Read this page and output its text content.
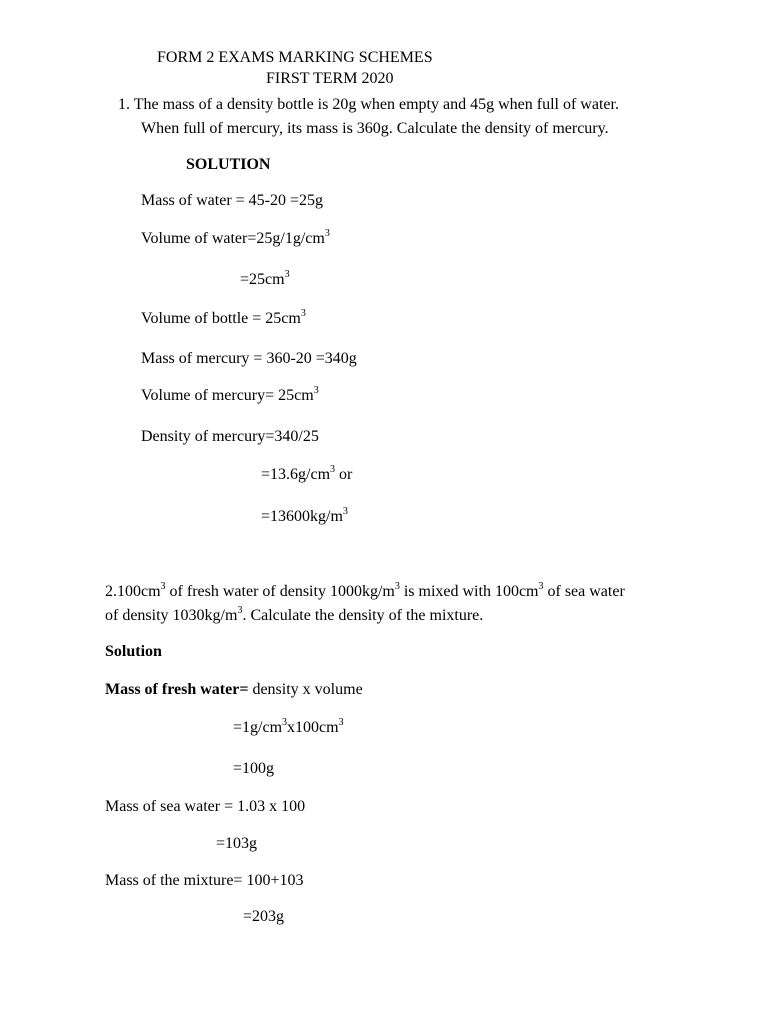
FORM 2 EXAMS MARKING SCHEMES
FIRST TERM 2020
1. The mass of a density bottle is 20g when empty and 45g when full of water.
When full of mercury, its mass is 360g. Calculate the density of mercury.
SOLUTION
Mass of water = 45-20 =25g
Volume of $water=25g/1g/cm^3$
$=25cm^3$
Volume of bottle = $25cm^3$
Mass of mercury = 360-20 =340g
Volume of mercury= $25cm^3$
Density of mercury=340/25
$=13.6g/cm^3$ or
$=13600kg/m^3$
$2.100cm^3$ of fresh water of density $1000kg/m^3$ is mixed with $100cm^3$ of sea water
of density $1030kg/m^3$. Calculate the density of the mixture.
Solution
Mass of fresh water= density x volume
$=1g/cm^3x100cm^3$
=100g
Mass of sea water = 1.03 x 100
=103g
Mass of the mixture= 100+103
=203g
